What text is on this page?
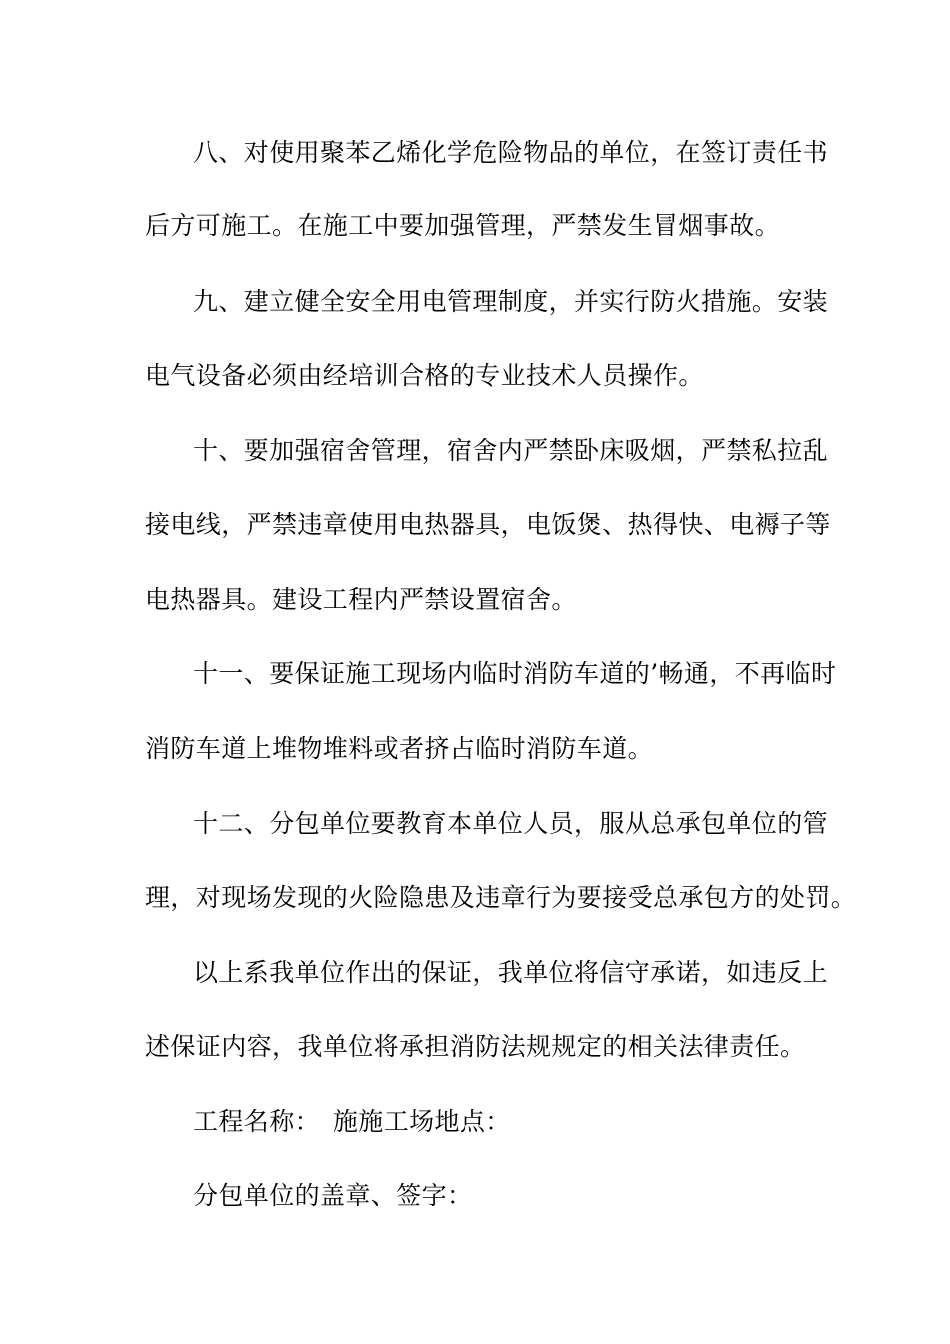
八、对使用聚苯乙烯化学危险物品的单位，在签订责任书
后方可施工。在施工中要加强管理，严禁发生冒烟事故。
九、建立健全安全用电管理制度，并实行防火措施。安装
电气设备必须由经培训合格的专业技术人员操作。
十、要加强宿舍管理，宿舍内严禁卧床吸烟，严禁私拉乱
接电线，严禁违章使用电热器具，电饭煲、热得快、电褥子等
电热器具。建设工程内严禁设置宿舍。
十一、要保证施工现场内临时消防车道的’畅通，不再临时
消防车道上堆物堆料或者挤占临时消防车道。
十二、分包单位要教育本单位人员，服从总承包单位的管
理，对现场发现的火险隐患及违章行为要接受总承包方的处罚。
以上系我单位作出的保证，我单位将信守承诺，如违反上
述保证内容，我单位将承担消防法规规定的相关法律责任。
工程名称：　施施工场地点：
分包单位的盖章、签字：
